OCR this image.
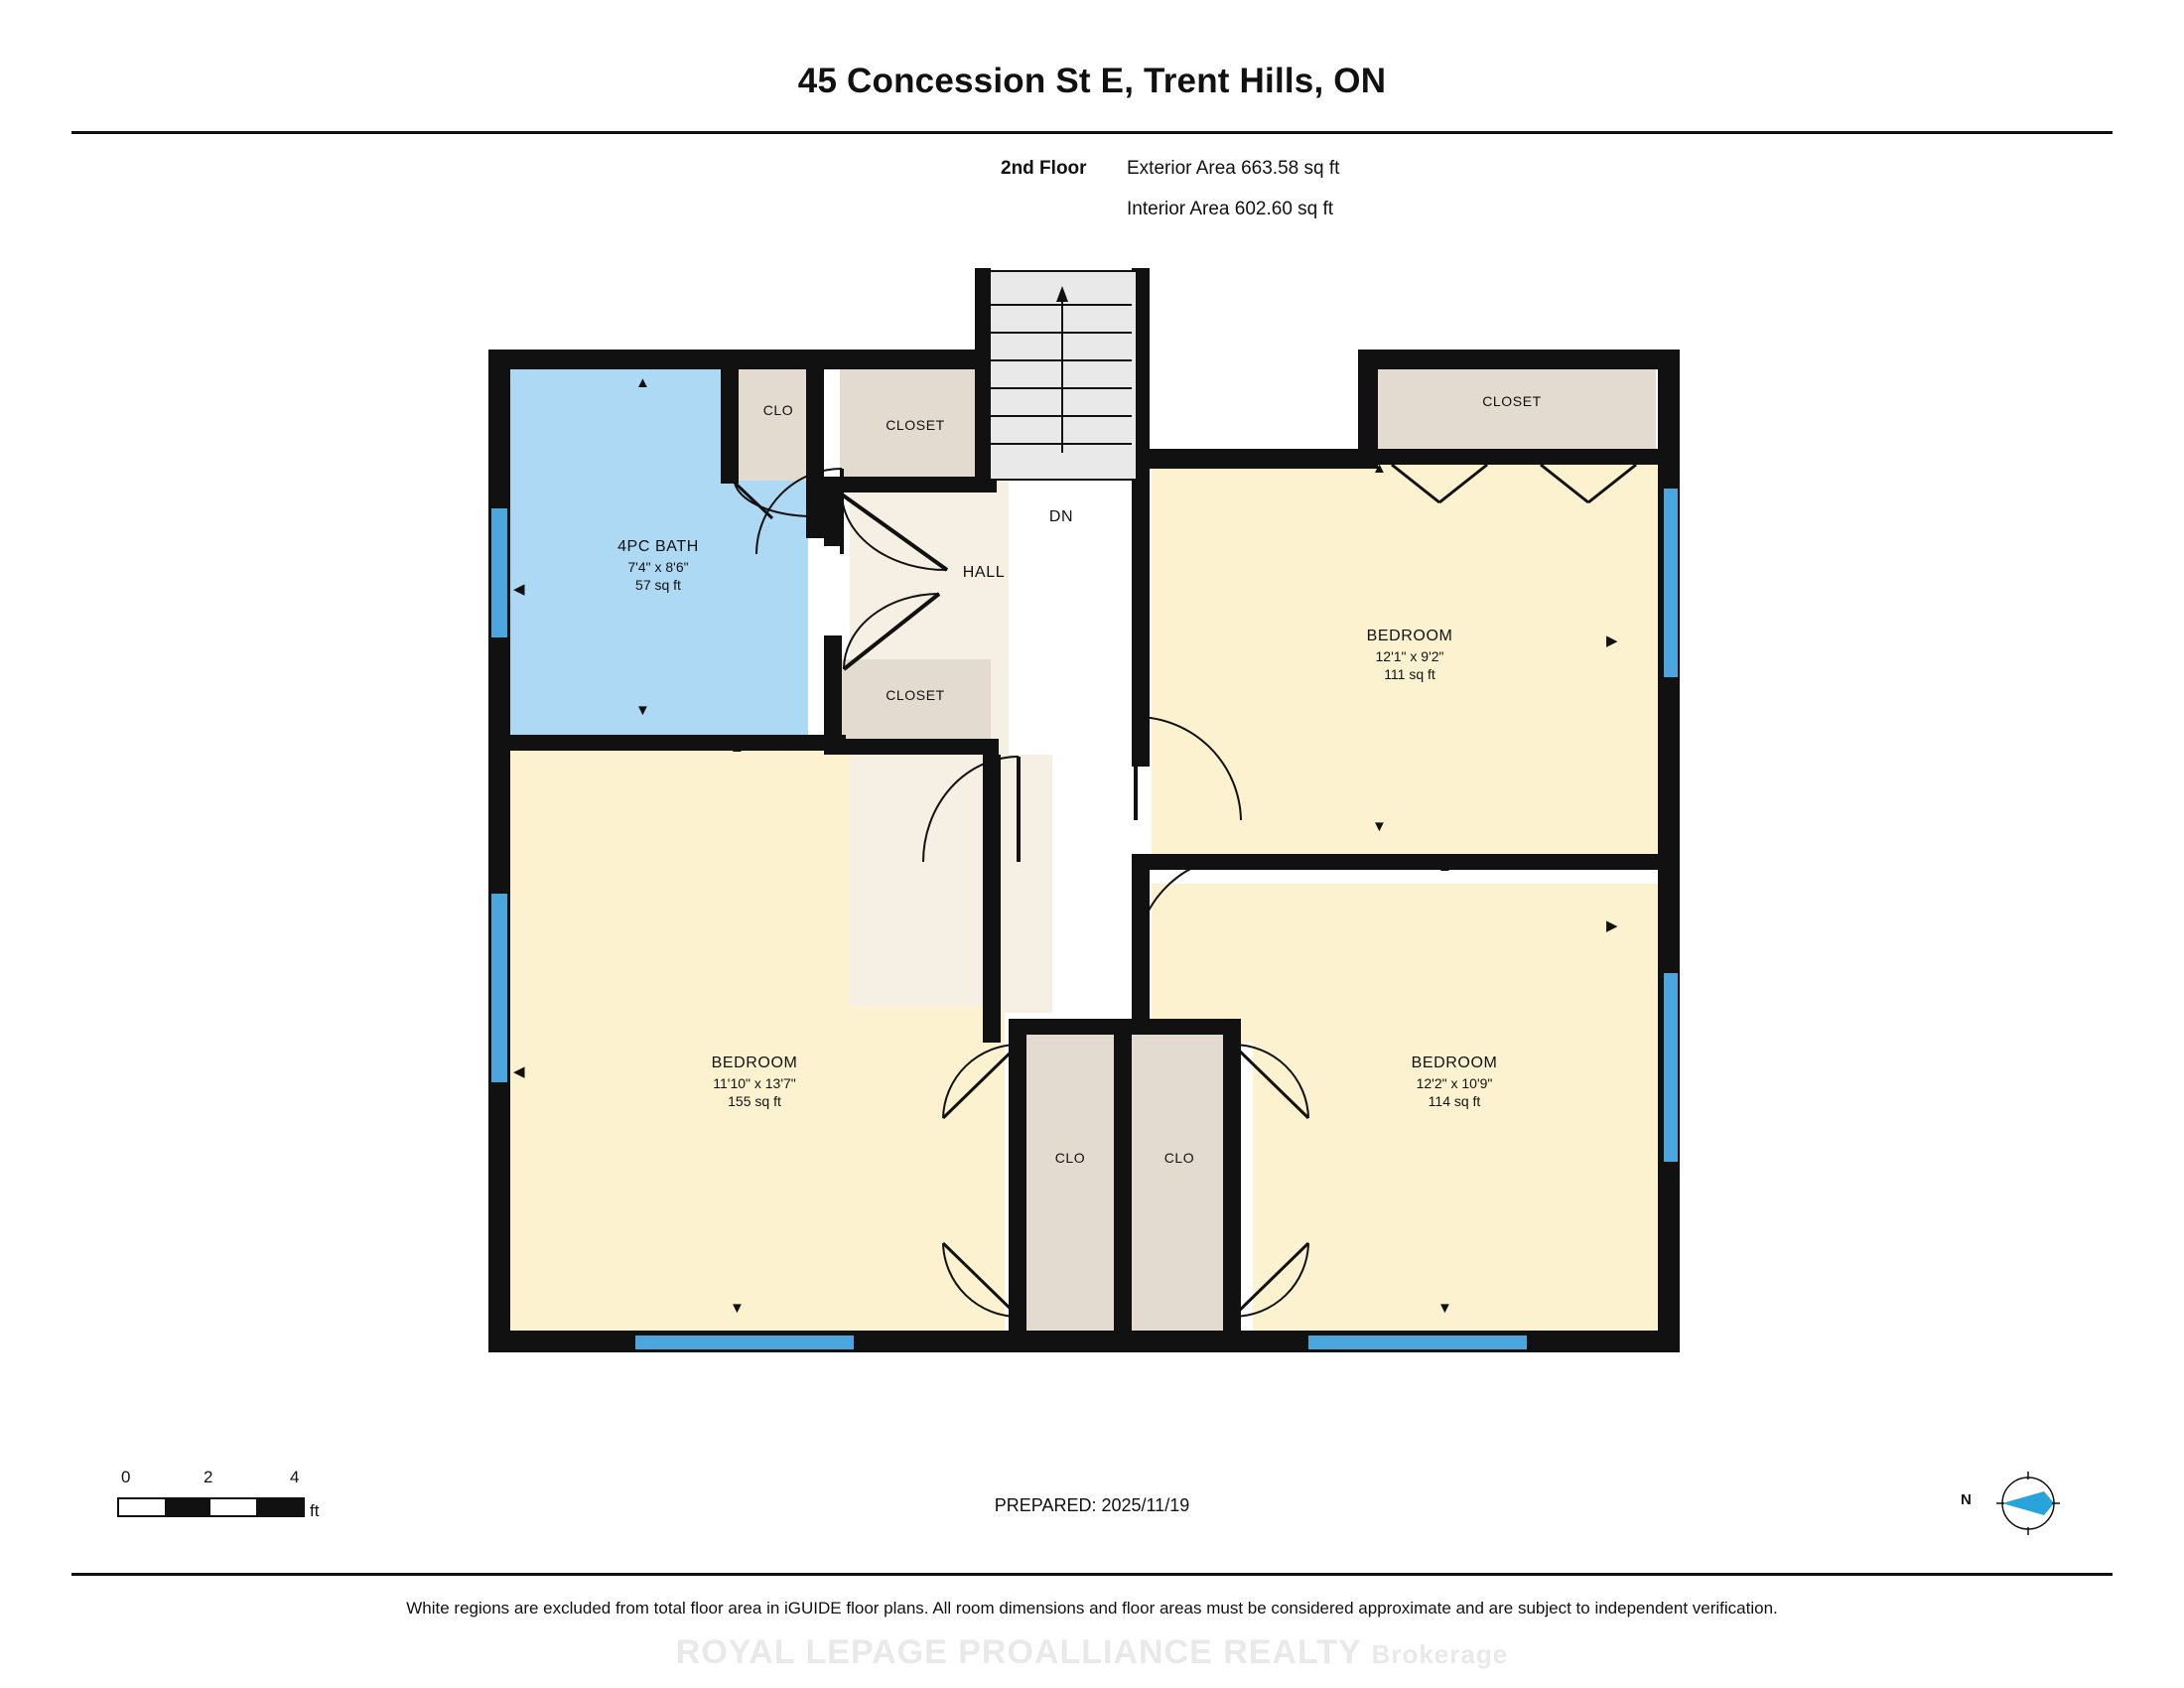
45 Concession St E, Trent Hills, ON
2nd Floor Exterior Area 663.58 sq ft
Interior Area 602.60 sq ft
4PC BATH
7'4" x 8'6"
57 sq ft
BEDROOM
11'10" x 13'7"
155 sq ft
BEDROOM
12'1" x 9'2"
111 sq ft
BEDROOM
12'2" x 10'9"
114 sq ft
HALL
DN
CLO
CLOSET
CLOSET
CLOSET
CLO	CLO
▲
◀
▼
▲
◀
▼
◀	▶
▲
▼
▲
▶
▼
0	2	4
ft	PREPARED: 2025/11/19	N
White regions are excluded from total floor area in iGUIDE floor plans. All room dimensions and floor areas must be considered approximate and are subject to independent verification.
ROYAL LEPAGE PROALLIANCE REALTY Brokerage
